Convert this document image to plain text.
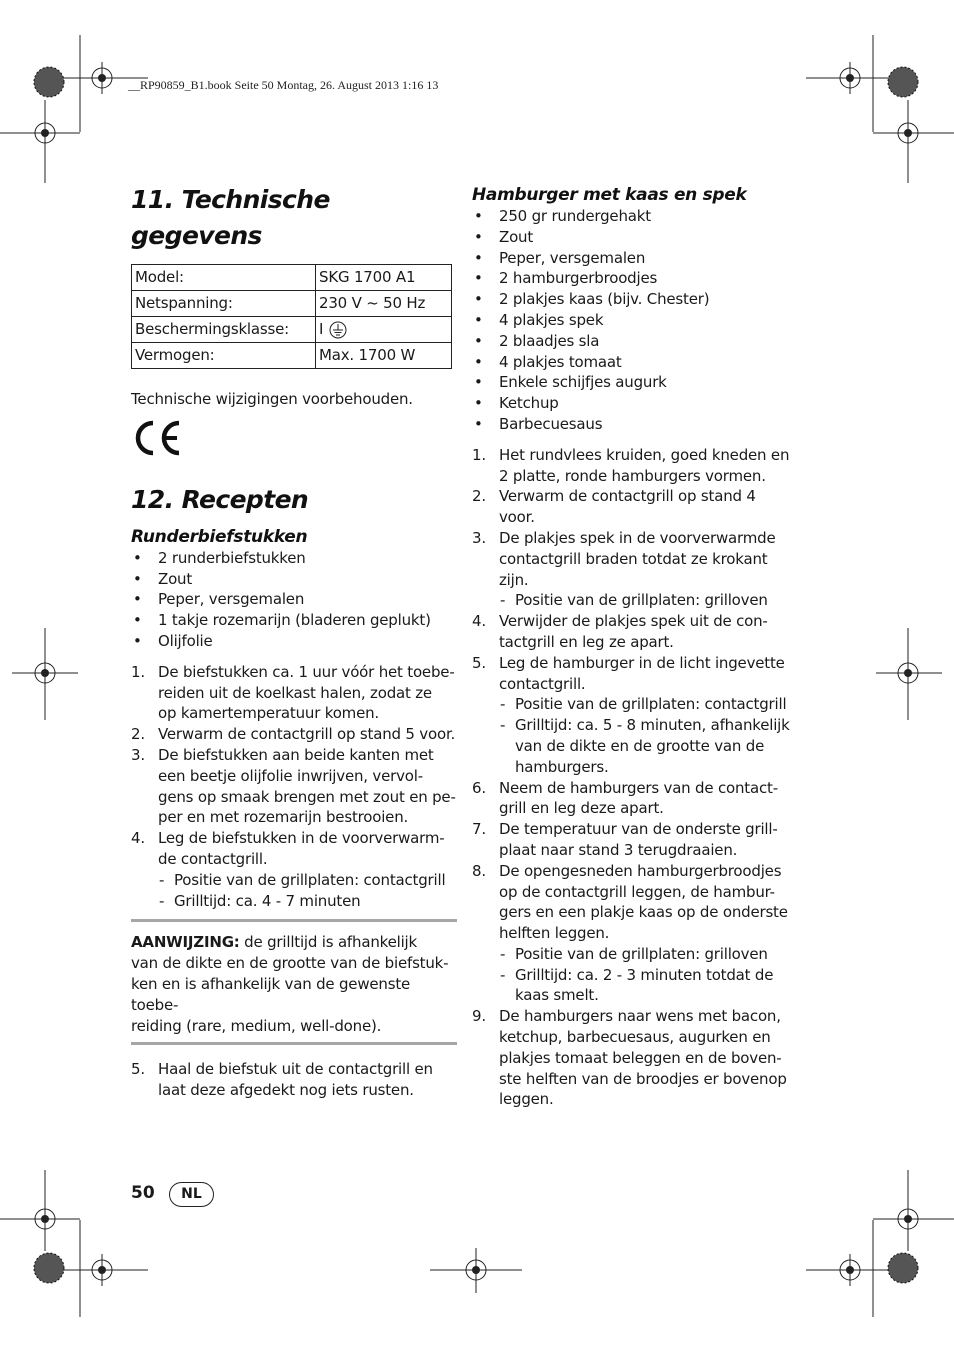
__RP90859_B1.book Seite 50 Montag, 26. August 2013 1:16 13
11. Technische gegevens
Model:	SKG 1700 A1
Netspanning:	230 V ~ 50 Hz
Beschermingsklasse:	I
Vermogen:	Max. 1700 W
Technische wijzigingen voorbehouden.
12. Recepten
Runderbiefstukken
• 2 runderbiefstukken
• Zout
• Peper, versgemalen
• 1 takje rozemarijn (bladeren geplukt)
• Olijfolie
1. De biefstukken ca. 1 uur vóór het toebe-
reiden uit de koelkast halen, zodat ze
op kamertemperatuur komen.
2. Verwarm de contactgrill op stand 5 voor.
3. De biefstukken aan beide kanten met
een beetje olijfolie inwrijven, vervol-
gens op smaak brengen met zout en pe-
per en met rozemarijn bestrooien.
4. Leg de biefstukken in de voorverwarm-
de contactgrill.
- Positie van de grillplaten: contactgrill
- Grilltijd: ca. 4 - 7 minuten
AANWIJZING: de grilltijd is afhankelijk
van de dikte en de grootte van de biefstuk-
ken en is afhankelijk van de gewenste toebe-
reiding (rare, medium, well-done).
5. Haal de biefstuk uit de contactgrill en
laat deze afgedekt nog iets rusten.
Hamburger met kaas en spek
• 250 gr rundergehakt
• Zout
• Peper, versgemalen
• 2 hamburgerbroodjes
• 2 plakjes kaas (bijv. Chester)
• 4 plakjes spek
• 2 blaadjes sla
• 4 plakjes tomaat
• Enkele schijfjes augurk
• Ketchup
• Barbecuesaus
1. Het rundvlees kruiden, goed kneden en
2 platte, ronde hamburgers vormen.
2. Verwarm de contactgrill op stand 4
voor.
3. De plakjes spek in de voorverwarmde
contactgrill braden totdat ze krokant
zijn.
- Positie van de grillplaten: grilloven
4. Verwijder de plakjes spek uit de con-
tactgrill en leg ze apart.
5. Leg de hamburger in de licht ingevette
contactgrill.
- Positie van de grillplaten: contactgrill
- Grilltijd: ca. 5 - 8 minuten, afhankelijk
van de dikte en de grootte van de
hamburgers.
6. Neem de hamburgers van de contact-
grill en leg deze apart.
7. De temperatuur van de onderste grill-
plaat naar stand 3 terugdraaien.
8. De opengesneden hamburgerbroodjes
op de contactgrill leggen, de hambur-
gers en een plakje kaas op de onderste
helften leggen.
- Positie van de grillplaten: grilloven
- Grilltijd: ca. 2 - 3 minuten totdat de
kaas smelt.
9. De hamburgers naar wens met bacon,
ketchup, barbecuesaus, augurken en
plakjes tomaat beleggen en de boven-
ste helften van de broodjes er bovenop
leggen.
50	NL
